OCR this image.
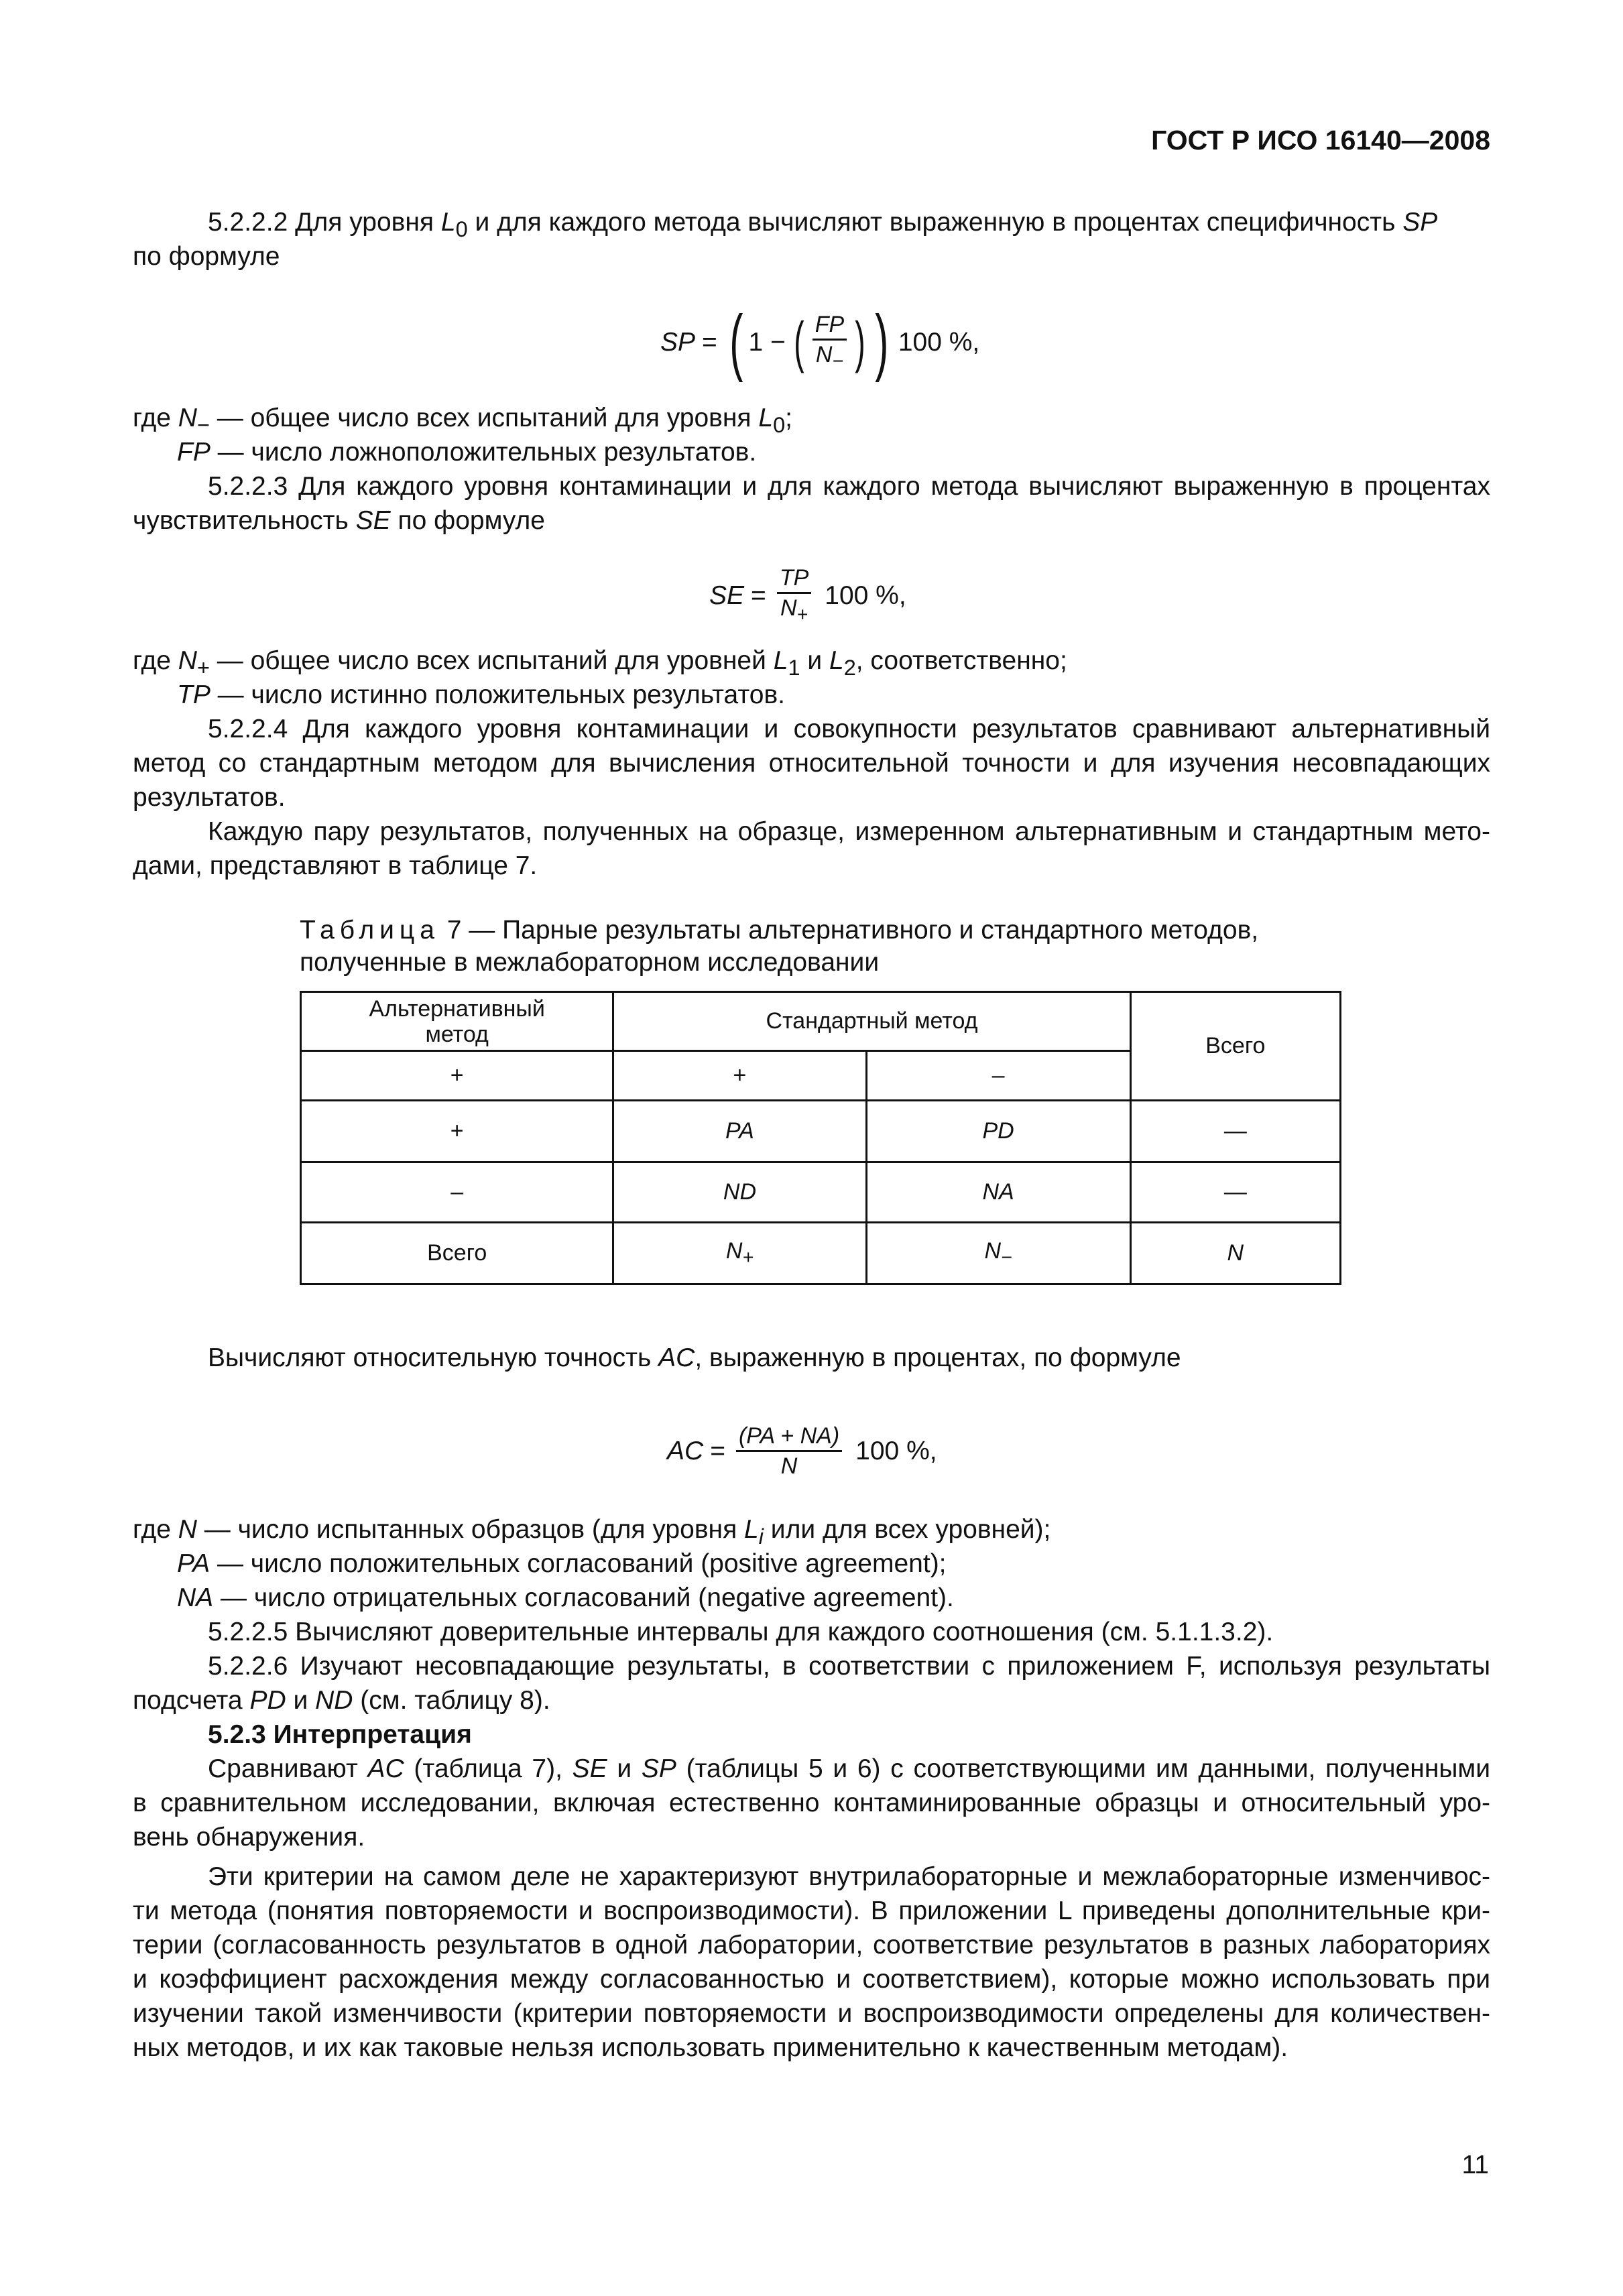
ГОСТ Р ИСО 16140—2008
5.2.2.2 Для уровня $L_0$ и для каждого метода вычисляют выраженную в процентах специфичность SP
по формуле
SP = ( 1 − ( $\frac{FP}{N_-}$ ) ) 100 %,
где $N_-$ — общее число всех испытаний для уровня $L_0$;
FP — число ложноположительных результатов.
5.2.2.3 Для каждого уровня контаминации и для каждого метода вычисляют выраженную в процентах
чувствительность SE по формуле
SE = $\frac{TP}{N_+} 100$ %,
где $N_+$ — общее число всех испытаний для уровней $L_1$ и $L_2$, соответственно;
TP — число истинно положительных результатов.
5.2.2.4 Для каждого уровня контаминации и совокупности результатов сравнивают альтернативный
метод со стандартным методом для вычисления относительной точности и для изучения несовпадающих
результатов.
Каждую пару результатов, полученных на образце, измеренном альтернативным и стандартным мето-
дами, представляют в таблице 7.
Таблица 7 — Парные результаты альтернативного и стандартного методов,
полученные в межлабораторном исследовании
Альтернативный
метод	Стандартный метод		Всего
+	+	–	
+	PA	PD	—
–	ND	NA	—
Всего	$N_+$	$N_-$	N
Вычисляют относительную точность AC, выраженную в процентах, по формуле
AC = $\frac{(PA + NA)}{N} 100$ %,
где N — число испытанных образцов (для уровня $L_i$ или для всех уровней);
PA — число положительных согласований (positive agreement);
NA — число отрицательных согласований (negative agreement).
5.2.2.5 Вычисляют доверительные интервалы для каждого соотношения (см. 5.1.1.3.2).
5.2.2.6 Изучают несовпадающие результаты, в соответствии с приложением F, используя результаты
подсчета PD и ND (см. таблицу 8).
5.2.3 Интерпретация
Сравнивают AC (таблица 7), SE и SP (таблицы 5 и 6) с соответствующими им данными, полученными
в сравнительном исследовании, включая естественно контаминированные образцы и относительный уро-
вень обнаружения.
Эти критерии на самом деле не характеризуют внутрилабораторные и межлабораторные изменчивос-
ти метода (понятия повторяемости и воспроизводимости). В приложении L приведены дополнительные кри-
терии (согласованность результатов в одной лаборатории, соответствие результатов в разных лабораториях
и коэффициент расхождения между согласованностью и соответствием), которые можно использовать при
изучении такой изменчивости (критерии повторяемости и воспроизводимости определены для количествен-
ных методов, и их как таковые нельзя использовать применительно к качественным методам).
11
